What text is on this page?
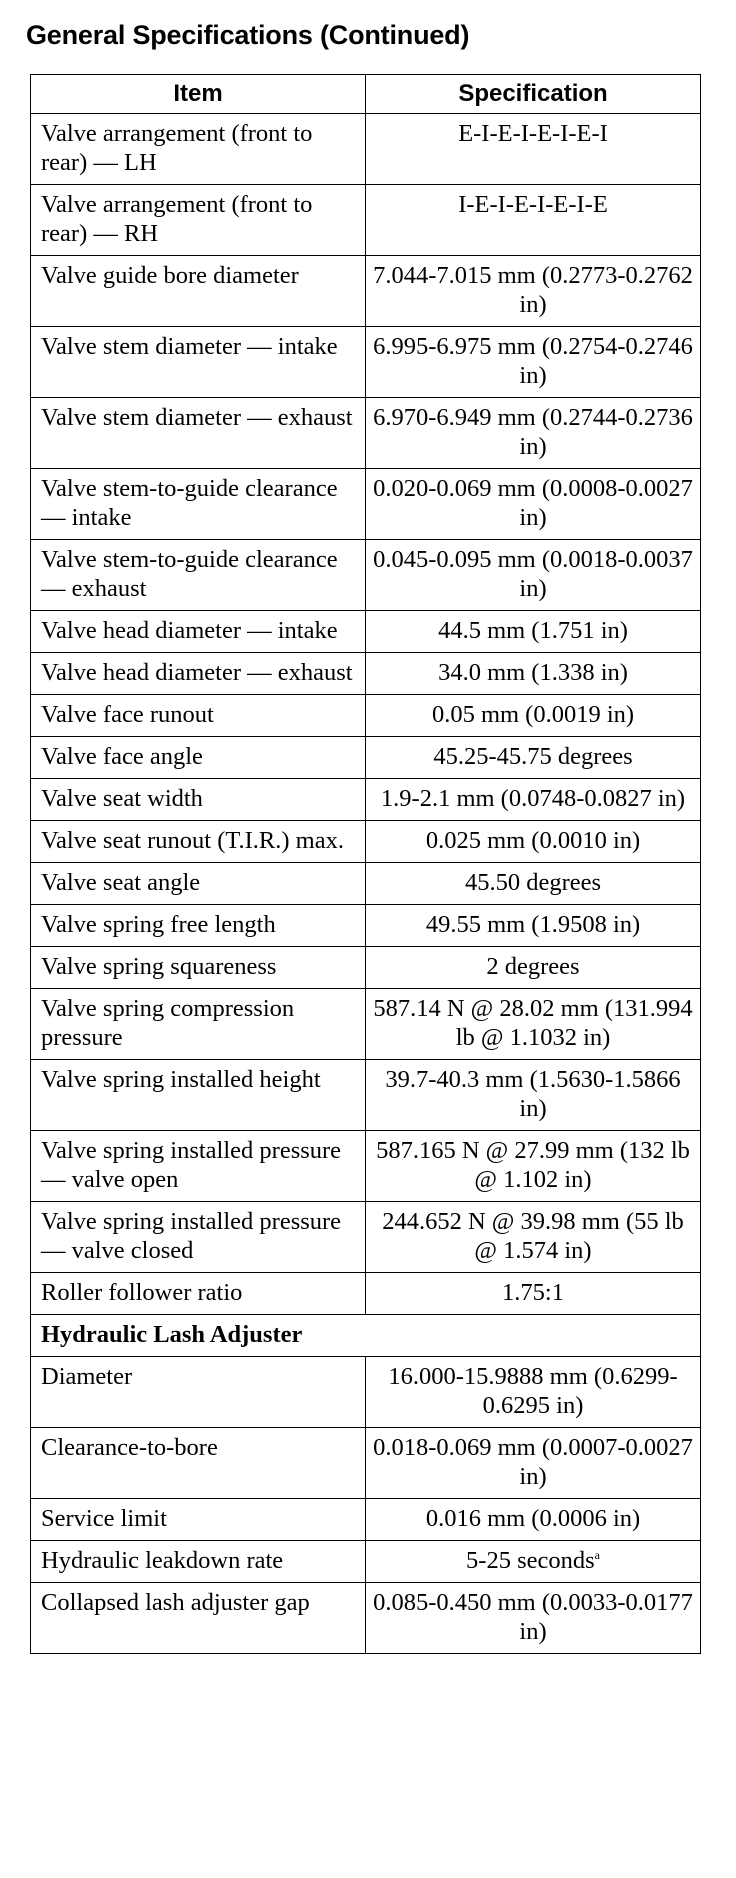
General Specifications (Continued)
Item	Specification
Valve arrangement (front to rear) — LH	E-I-E-I-E-I-E-I
Valve arrangement (front to rear) — RH	I-E-I-E-I-E-I-E
Valve guide bore diameter	7.044-7.015 mm (0.2773-0.2762 in)
Valve stem diameter — intake	6.995-6.975 mm (0.2754-0.2746 in)
Valve stem diameter — exhaust	6.970-6.949 mm (0.2744-0.2736 in)
Valve stem-to-guide clearance — intake	0.020-0.069 mm (0.0008-0.0027 in)
Valve stem-to-guide clearance — exhaust	0.045-0.095 mm (0.0018-0.0037 in)
Valve head diameter — intake	44.5 mm (1.751 in)
Valve head diameter — exhaust	34.0 mm (1.338 in)
Valve face runout	0.05 mm (0.0019 in)
Valve face angle	45.25-45.75 degrees
Valve seat width	1.9-2.1 mm (0.0748-0.0827 in)
Valve seat runout (T.I.R.) max.	0.025 mm (0.0010 in)
Valve seat angle	45.50 degrees
Valve spring free length	49.55 mm (1.9508 in)
Valve spring squareness	2 degrees
Valve spring compression pressure	587.14 N @ 28.02 mm (131.994 lb @ 1.1032 in)
Valve spring installed height	39.7-40.3 mm (1.5630-1.5866 in)
Valve spring installed pressure — valve open	587.165 N @ 27.99 mm (132 lb @ 1.102 in)
Valve spring installed pressure — valve closed	244.652 N @ 39.98 mm (55 lb @ 1.574 in)
Roller follower ratio	1.75:1
Hydraulic Lash Adjuster	
Diameter	16.000-15.9888 mm (0.6299-0.6295 in)
Clearance-to-bore	0.018-0.069 mm (0.0007-0.0027 in)
Service limit	0.016 mm (0.0006 in)
Hydraulic leakdown rate	5-25 seconds$^a$
Collapsed lash adjuster gap	0.085-0.450 mm (0.0033-0.0177 in)
